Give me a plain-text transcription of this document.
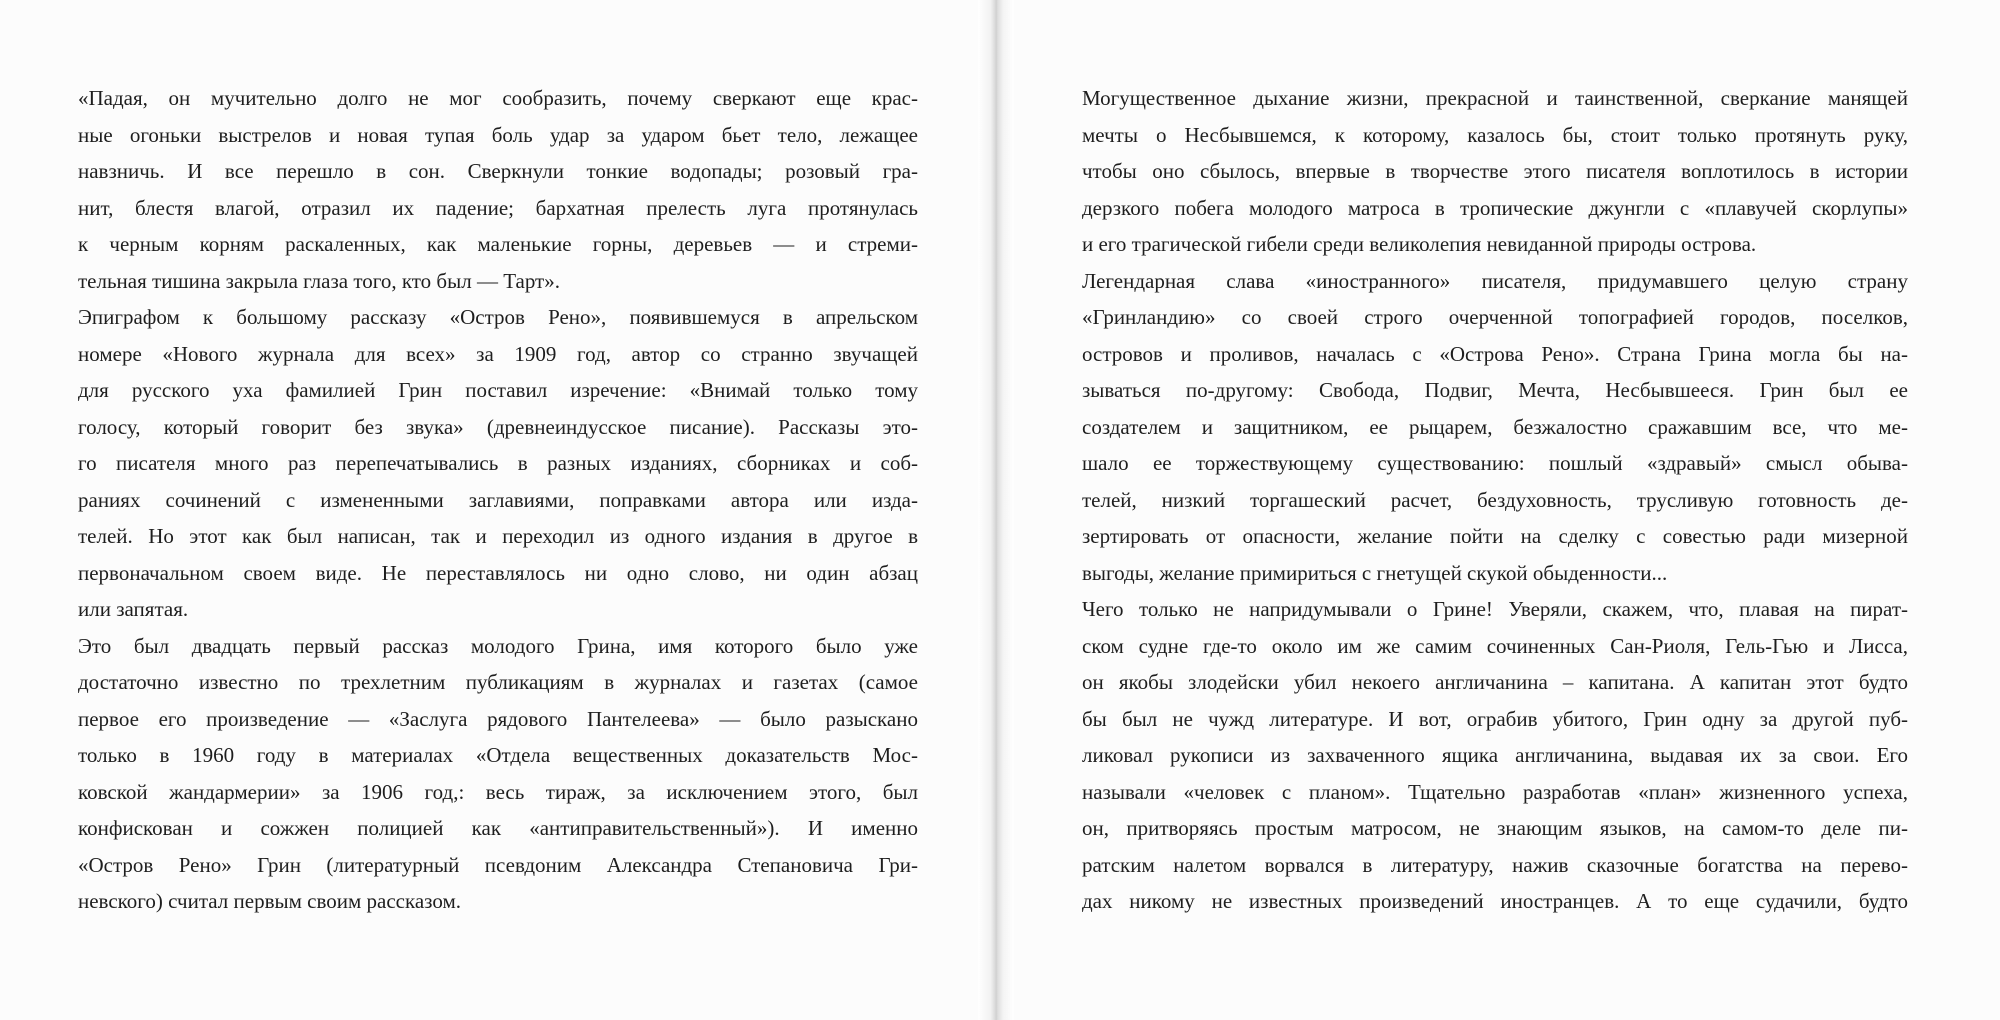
«Падая, он мучительно долго не мог сообразить, почему сверкают еще крас-
ные огоньки выстрелов и новая тупая боль удар за ударом бьет тело, лежащее
навзничь. И все перешло в сон. Сверкнули тонкие водопады; розовый гра-
нит, блестя влагой, отразил их падение; бархатная прелесть луга протянулась
к черным корням раскаленных, как маленькие горны, деревьев — и стреми-
тельная тишина закрыла глаза того, кто был — Тарт».
Эпиграфом к большому рассказу «Остров Рено», появившемуся в апрельском
номере «Нового журнала для всех» за 1909 год, автор со странно звучащей
для русского уха фамилией Грин поставил изречение: «Внимай только тому
голосу, который говорит без звука» (древнеиндусское писание). Рассказы это-
го писателя много раз перепечатывались в разных изданиях, сборниках и соб-
раниях сочинений с измененными заглавиями, поправками автора или изда-
телей. Но этот как был написан, так и переходил из одного издания в другое в
первоначальном своем виде. Не переставлялось ни одно слово, ни один абзац
или запятая.
Это был двадцать первый рассказ молодого Грина, имя которого было уже
достаточно известно по трехлетним публикациям в журналах и газетах (самое
первое его произведение — «Заслуга рядового Пантелеева» — было разыскано
только в 1960 году в материалах «Отдела вещественных доказательств Мос-
ковской жандармерии» за 1906 год,: весь тираж, за исключением этого, был
конфискован и сожжен полицией как «антиправительственный»). И именно
«Остров Рено» Грин (литературный псевдоним Александра Степановича Гри-
невского) считал первым своим рассказом.
Могущественное дыхание жизни, прекрасной и таинственной, сверкание манящей
мечты о Несбывшемся, к которому, казалось бы, стоит только протянуть руку,
чтобы оно сбылось, впервые в творчестве этого писателя воплотилось в истории
дерзкого побега молодого матроса в тропические джунгли с «плавучей скорлупы»
и его трагической гибели среди великолепия невиданной природы острова.
Легендарная слава «иностранного» писателя, придумавшего целую страну
«Гринландию» со своей строго очерченной топографией городов, поселков,
островов и проливов, началась с «Острова Рено». Страна Грина могла бы на-
зываться по-другому: Свобода, Подвиг, Мечта, Несбывшееся. Грин был ее
создателем и защитником, ее рыцарем, безжалостно сражавшим все, что ме-
шало ее торжествующему существованию: пошлый «здравый» смысл обыва-
телей, низкий торгашеский расчет, бездуховность, трусливую готовность де-
зертировать от опасности, желание пойти на сделку с совестью ради мизерной
выгоды, желание примириться с гнетущей скукой обыденности...
Чего только не напридумывали о Грине! Уверяли, скажем, что, плавая на пират-
ском судне где-то около им же самим сочиненных Сан-Риоля, Гель-Гью и Лисса,
он якобы злодейски убил некоего англичанина – капитана. А капитан этот будто
бы был не чужд литературе. И вот, ограбив убитого, Грин одну за другой пуб-
ликовал рукописи из захваченного ящика англичанина, выдавая их за свои. Его
называли «человек с планом». Тщательно разработав «план» жизненного успеха,
он, притворяясь простым матросом, не знающим языков, на самом-то деле пи-
ратским налетом ворвался в литературу, нажив сказочные богатства на перево-
дах никому не известных произведений иностранцев. А то еще судачили, будто
